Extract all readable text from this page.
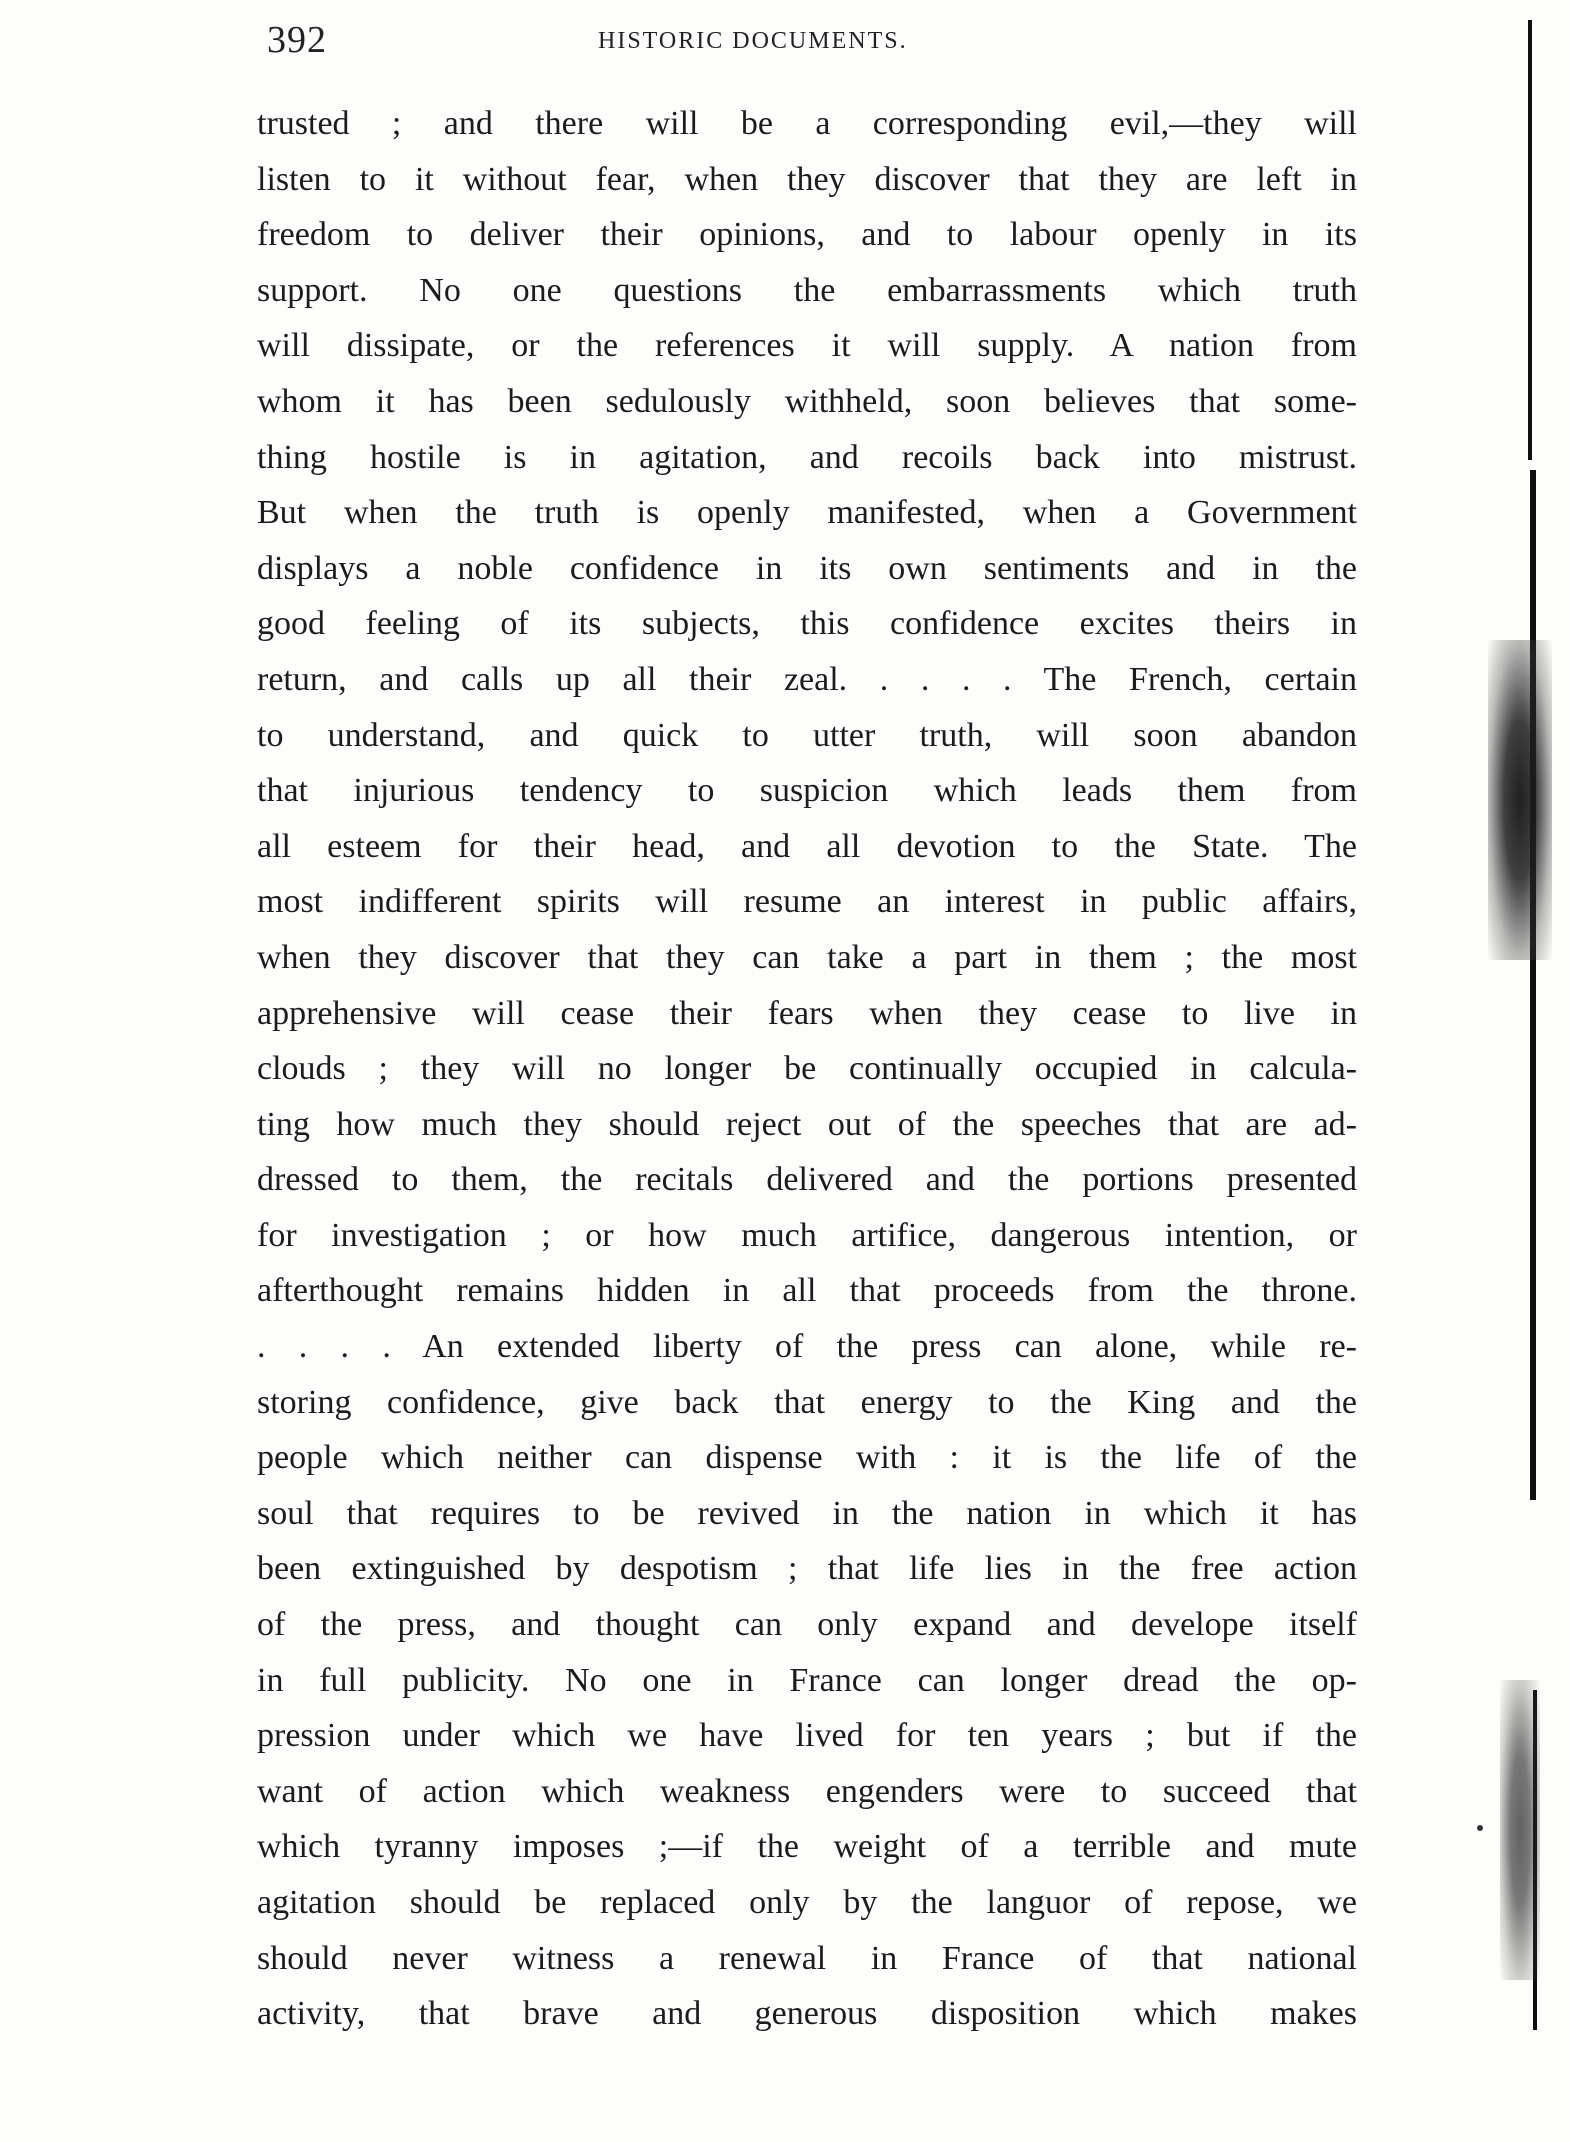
392	HISTORIC DOCUMENTS.
trusted ; and there will be a corresponding evil,—they will
listen to it without fear, when they discover that they are left in
freedom to deliver their opinions, and to labour openly in its
support. No one questions the embarrassments which truth
will dissipate, or the references it will supply. A nation from
whom it has been sedulously withheld, soon believes that some-
thing hostile is in agitation, and recoils back into mistrust.
But when the truth is openly manifested, when a Government
displays a noble confidence in its own sentiments and in the
good feeling of its subjects, this confidence excites theirs in
return, and calls up all their zeal. . . . . The French, certain
to understand, and quick to utter truth, will soon abandon
that injurious tendency to suspicion which leads them from
all esteem for their head, and all devotion to the State. The
most indifferent spirits will resume an interest in public affairs,
when they discover that they can take a part in them ; the most
apprehensive will cease their fears when they cease to live in
clouds ; they will no longer be continually occupied in calcula-
ting how much they should reject out of the speeches that are ad-
dressed to them, the recitals delivered and the portions presented
for investigation ; or how much artifice, dangerous intention, or
afterthought remains hidden in all that proceeds from the throne.
. . . . An extended liberty of the press can alone, while re-
storing confidence, give back that energy to the King and the
people which neither can dispense with : it is the life of the
soul that requires to be revived in the nation in which it has
been extinguished by despotism ; that life lies in the free action
of the press, and thought can only expand and develope itself
in full publicity. No one in France can longer dread the op-
pression under which we have lived for ten years ; but if the
want of action which weakness engenders were to succeed that
which tyranny imposes ;—if the weight of a terrible and mute
agitation should be replaced only by the languor of repose, we
should never witness a renewal in France of that national
activity, that brave and generous disposition which makes
